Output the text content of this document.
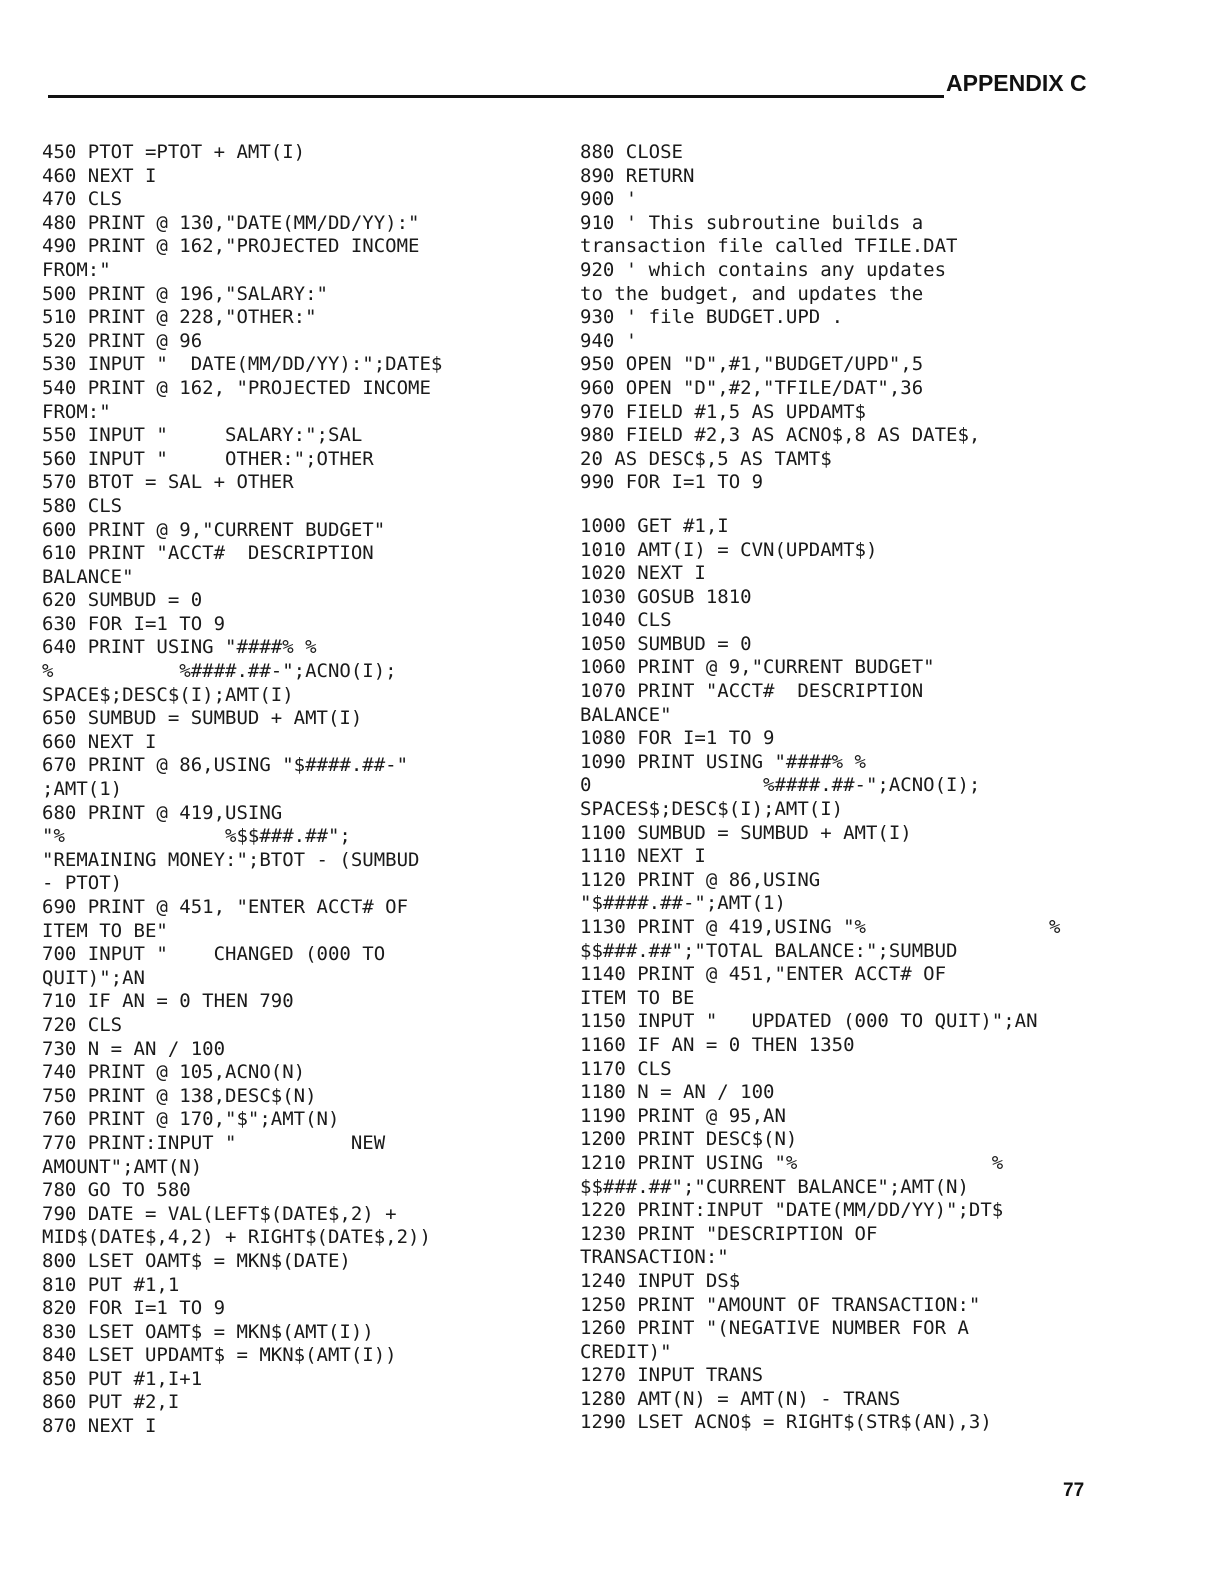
APPENDIX C
450 PTOT =PTOT + AMT(I)
460 NEXT I
470 CLS
480 PRINT @ 130,"DATE(MM/DD/YY):"
490 PRINT @ 162,"PROJECTED INCOME
FROM:"
500 PRINT @ 196,"SALARY:"
510 PRINT @ 228,"OTHER:"
520 PRINT @ 96
530 INPUT "  DATE(MM/DD/YY):";DATE$
540 PRINT @ 162, "PROJECTED INCOME
FROM:"
550 INPUT "     SALARY:";SAL
560 INPUT "     OTHER:";OTHER
570 BTOT = SAL + OTHER
580 CLS
600 PRINT @ 9,"CURRENT BUDGET"
610 PRINT "ACCT#  DESCRIPTION
BALANCE"
620 SUMBUD = 0
630 FOR I=1 TO 9
640 PRINT USING "####% %
%           %####.##-";ACNO(I);
SPACE$;DESC$(I);AMT(I)
650 SUMBUD = SUMBUD + AMT(I)
660 NEXT I
670 PRINT @ 86,USING "$####.##-"
;AMT(1)
680 PRINT @ 419,USING
"%              %$$###.##";
"REMAINING MONEY:";BTOT - (SUMBUD
- PTOT)
690 PRINT @ 451, "ENTER ACCT# OF
ITEM TO BE"
700 INPUT "    CHANGED (000 TO
QUIT)";AN
710 IF AN = 0 THEN 790
720 CLS
730 N = AN / 100
740 PRINT @ 105,ACNO(N)
750 PRINT @ 138,DESC$(N)
760 PRINT @ 170,"$";AMT(N)
770 PRINT:INPUT "          NEW
AMOUNT";AMT(N)
780 GO TO 580
790 DATE = VAL(LEFT$(DATE$,2) +
MID$(DATE$,4,2) + RIGHT$(DATE$,2))
800 LSET OAMT$ = MKN$(DATE)
810 PUT #1,1
820 FOR I=1 TO 9
830 LSET OAMT$ = MKN$(AMT(I))
840 LSET UPDAMT$ = MKN$(AMT(I))
850 PUT #1,I+1
860 PUT #2,I
870 NEXT I
880 CLOSE
890 RETURN
900 '
910 ' This subroutine builds a
transaction file called TFILE.DAT
920 ' which contains any updates
to the budget, and updates the
930 ' file BUDGET.UPD .
940 '
950 OPEN "D",#1,"BUDGET/UPD",5
960 OPEN "D",#2,"TFILE/DAT",36
970 FIELD #1,5 AS UPDAMT$
980 FIELD #2,3 AS ACNO$,8 AS DATE$,
20 AS DESC$,5 AS TAMT$
990 FOR I=1 TO 9
1000 GET #1,I
1010 AMT(I) = CVN(UPDAMT$)
1020 NEXT I
1030 GOSUB 1810
1040 CLS
1050 SUMBUD = 0
1060 PRINT @ 9,"CURRENT BUDGET"
1070 PRINT "ACCT#  DESCRIPTION
BALANCE"
1080 FOR I=1 TO 9
1090 PRINT USING "####% %
0               %####.##-";ACNO(I);
SPACES$;DESC$(I);AMT(I)
1100 SUMBUD = SUMBUD + AMT(I)
1110 NEXT I
1120 PRINT @ 86,USING
"$####.##-";AMT(1)
1130 PRINT @ 419,USING "%                %
$$###.##";"TOTAL BALANCE:";SUMBUD
1140 PRINT @ 451,"ENTER ACCT# OF
ITEM TO BE
1150 INPUT "   UPDATED (000 TO QUIT)";AN
1160 IF AN = 0 THEN 1350
1170 CLS
1180 N = AN / 100
1190 PRINT @ 95,AN
1200 PRINT DESC$(N)
1210 PRINT USING "%                 %
$$###.##";"CURRENT BALANCE";AMT(N)
1220 PRINT:INPUT "DATE(MM/DD/YY)";DT$
1230 PRINT "DESCRIPTION OF
TRANSACTION:"
1240 INPUT DS$
1250 PRINT "AMOUNT OF TRANSACTION:"
1260 PRINT "(NEGATIVE NUMBER FOR A
CREDIT)"
1270 INPUT TRANS
1280 AMT(N) = AMT(N) - TRANS
1290 LSET ACNO$ = RIGHT$(STR$(AN),3)
77
